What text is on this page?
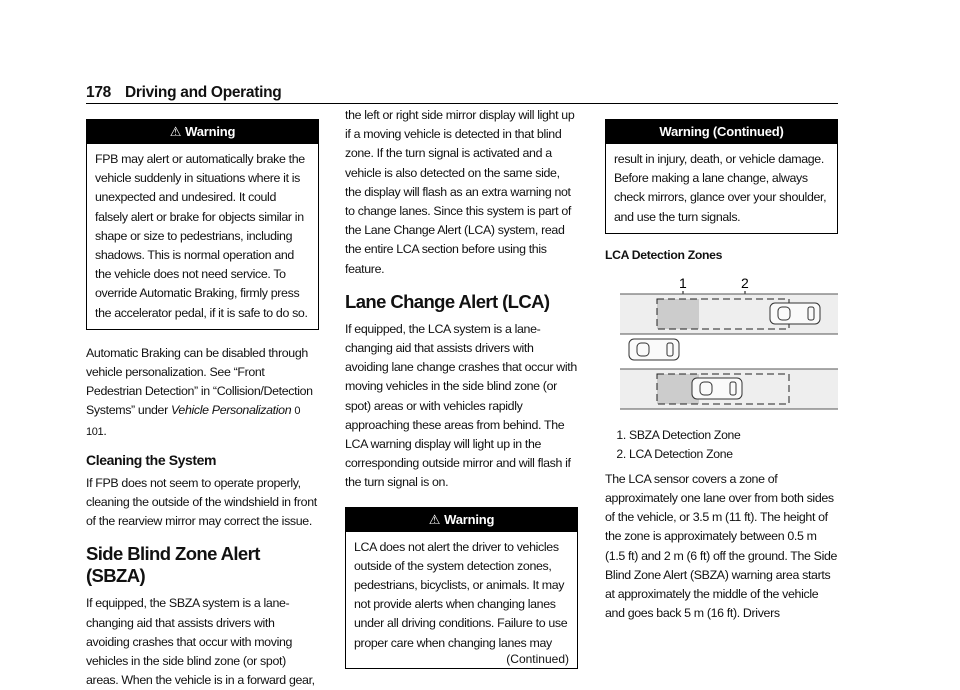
178 Driving and Operating
⚠ Warning

FPB may alert or automatically brake the vehicle suddenly in situations where it is unexpected and undesired. It could falsely alert or brake for objects similar in shape or size to pedestrians, including shadows. This is normal operation and the vehicle does not need service. To override Automatic Braking, firmly press the accelerator pedal, if it is safe to do so.

Automatic Braking can be disabled through vehicle personalization. See “Front Pedestrian Detection” in “Collision/Detection Systems” under Vehicle Personalization 0 101.

Cleaning the System

If FPB does not seem to operate properly, cleaning the outside of the windshield in front of the rearview mirror may correct the issue.

Side Blind Zone Alert (SBZA)

If equipped, the SBZA system is a lane-changing aid that assists drivers with avoiding crashes that occur with moving vehicles in the side blind zone (or spot) areas. When the vehicle is in a forward gear,

the left or right side mirror display will light up if a moving vehicle is detected in that blind zone. If the turn signal is activated and a vehicle is also detected on the same side, the display will flash as an extra warning not to change lanes. Since this system is part of the Lane Change Alert (LCA) system, read the entire LCA section before using this feature.

Lane Change Alert (LCA)

If equipped, the LCA system is a lane-changing aid that assists drivers with avoiding lane change crashes that occur with moving vehicles in the side blind zone (or spot) areas or with vehicles rapidly approaching these areas from behind. The LCA warning display will light up in the corresponding outside mirror and will flash if the turn signal is on.

⚠ Warning

LCA does not alert the driver to vehicles outside of the system detection zones, pedestrians, bicyclists, or animals. It may not provide alerts when changing lanes under all driving conditions. Failure to use proper care when changing lanes may

(Continued)
Warning (Continued)

result in injury, death, or vehicle damage. Before making a lane change, always check mirrors, glance over your shoulder, and use the turn signals.

LCA Detection Zones
1	2
1. SBZA Detection Zone
2. LCA Detection Zone

The LCA sensor covers a zone of approximately one lane over from both sides of the vehicle, or 3.5 m (11 ft). The height of the zone is approximately between 0.5 m (1.5 ft) and 2 m (6 ft) off the ground. The Side Blind Zone Alert (SBZA) warning area starts at approximately the middle of the vehicle and goes back 5 m (16 ft). Drivers
